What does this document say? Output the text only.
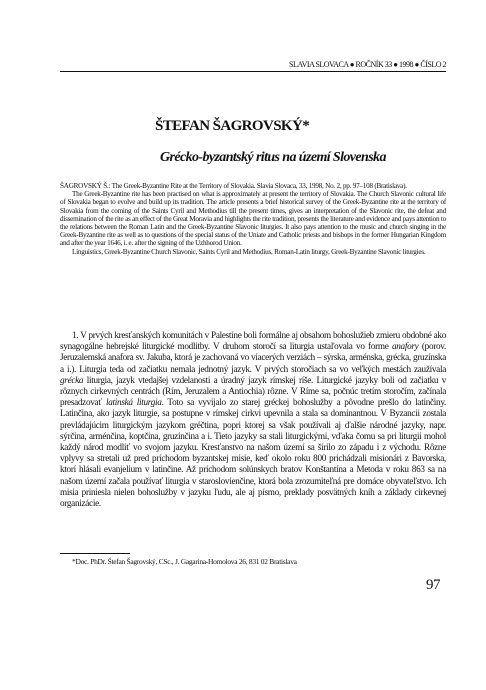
SLAVIA SLOVACA ● ROČNÍK 33 ● 1998 ● ČÍSLO 2
ŠTEFAN ŠAGROVSKÝ*
Grécko-byzantský ritus na území Slovenska

ŠAGROVSKÝ Š.: The Greek-Byzantine Rite at the Territory of Slovakia. Slavia Slovaca, 33, 1998, No. 2, pp. 97–108 (Bratislava).

The Greek-Byzantine rite has been practised on what is approximately at present the territory of Slovakia. The Church Slavonic cultural life of Slovakia began to evolve and build up its tradition. The article presents a brief historical survey of the Greek-Byzantine rite at the territory of Slovakia from the coming of the Saints Cyril and Methodius till the present times, gives an interpretation of the Slavonic rite, the defeat and dissemination of the rite as an effect of the Great Moravia and highlights the rite tradition, presents the literature and evidence and pays attention to the relations between the Roman Latin and the Greek-Byzantine Slavonic liturgies. It also pays attention to the music and church singing in the Greek-Byzantine rite as well as to questions of the special status of the Uniate and Catholic priests and bishops in the former Hungarian Kingdom and after the year 1646, i. e. after the signing of the Uzhhorod Union.

Linguistics, Greek-Byzantine Church Slavonic, Saints Cyril and Methodius, Roman-Latin liturgy, Greek-Byzantine Slavonic liturgies.

1. V prvých kresťanských komunitách v Palestíne boli formálne aj obsahom bohoslužieb zmieru obdobné ako synagogálne hebrejské liturgické modlitby. V druhom storočí sa liturgia ustaľovala vo forme anafory (porov. Jeruzalemská anafora sv. Jakuba, ktorá je zachovaná vo viacerých verziách – sýrska, arménska, grécka, gruzínska a i.). Liturgia teda od začiatku nemala jednotný jazyk. V prvých storočiach sa vo veľkých mestách zaužívala grécka liturgia, jazyk vtedajšej vzdelanosti a úradný jazyk rímskej ríše. Liturgické jazyky boli od začiatku v rôznych cirkevných centrách (Rím, Jeruzalem a Antiochia) rôzne. V Ríme sa, počnúc tretím storočím, začínala presadzovať latinská liturgia. Toto sa vyvíjalo zo starej gréckej bohoslužby a pôvodne prešlo do latinčiny. Latinčina, ako jazyk liturgie, sa postupne v rímskej cirkvi upevnila a stala sa dominantnou. V Byzancii zostala prevládajúcim liturgickým jazykom gréčtina, popri ktorej sa však používali aj ďalšie národné jazyky, napr. sýrčina, arménčina, koptčina, gruzínčina a i. Tieto jazyky sa stali liturgickými, vďaka čomu sa pri liturgii mohol každý národ modliť vo svojom jazyku. Kresťanstvo na našom území sa šírilo zo západu i z východu. Rôzne vplyvy sa stretali už pred príchodom byzantskej misie, keď okolo roku 800 prichádzali misionári z Bavorska, ktorí hlásali evanjelium v latinčine. Až príchodom solúnskych bratov Konštantína a Metoda v roku 863 sa na našom území začala používať liturgia v staroslovienčine, ktorá bola zrozumiteľná pre domáce obyvateľstvo. Ich misia priniesla nielen bohoslužby v jazyku ľudu, ale aj písmo, preklady posvätných kníh a základy cirkevnej organizácie.

*Doc. PhDr. Štefan Šagrovský, CSc., J. Gagarina-Homolova 26, 831 02 Bratislava
97
